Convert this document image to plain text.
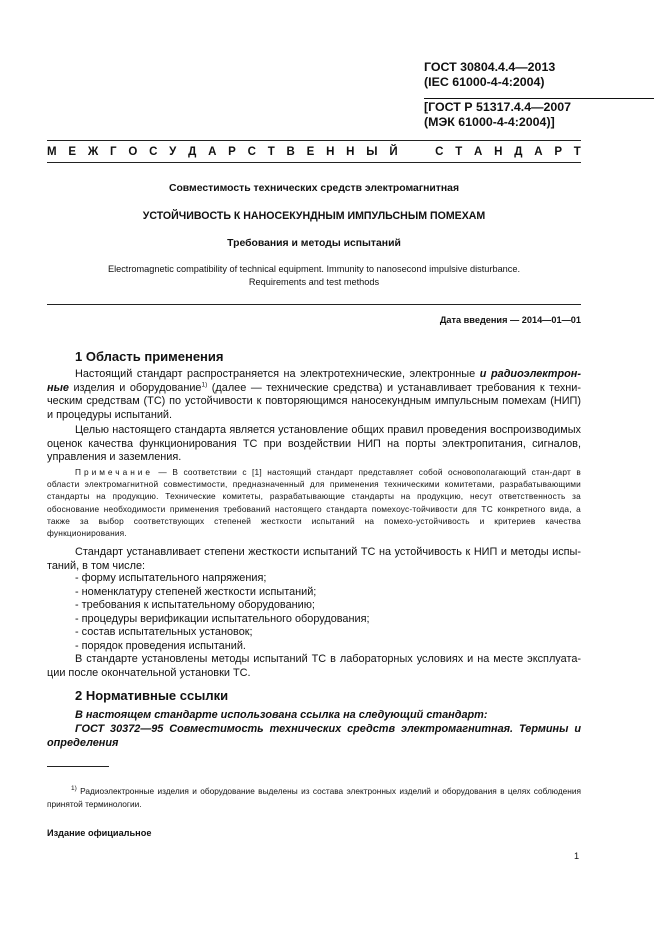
ГОСТ 30804.4.4—2013
(IEC 61000-4-4:2004)
[ГОСТ Р 51317.4.4—2007
(МЭК 61000-4-4:2004)]
М Е Ж Г О С У Д А Р С Т В Е Н Н Ы Й	С Т А Н Д А Р Т
Совместимость технических средств электромагнитная
УСТОЙЧИВОСТЬ К НАНОСЕКУНДНЫМ ИМПУЛЬСНЫМ ПОМЕХАМ
Требования и методы испытаний
Electromagnetic compatibility of technical equipment. Immunity to nanosecond impulsive disturbance.
Requirements and test methods
Дата введения — 2014—01—01
1 Область применения
Настоящий стандарт распространяется на электротехнические, электронные и радиоэлектрон-ные изделия и оборудование$^{1)}$ (далее — технические средства) и устанавливает требования к техни-ческим средствам (ТС) по устойчивости к повторяющимся наносекундным импульсным помехам (НИП) и процедуры испытаний.
Целью настоящего стандарта является установление общих правил проведения воспроизводимых оценок качества функционирования ТС при воздействии НИП на порты электропитания, сигналов, управления и заземления.
Примечание — В соответствии с [1] настоящий стандарт представляет собой основополагающий стан-дарт в области электромагнитной совместимости, предназначенный для применения техническими комитетами, разрабатывающими стандарты на продукцию. Технические комитеты, разрабатывающие стандарты на продукцию, несут ответственность за обоснование необходимости применения требований настоящего стандарта помехоус-тойчивости для ТС конкретного вида, а также за выбор соответствующих степеней жесткости испытаний на помехо-устойчивость и критериев качества функционирования.
Стандарт устанавливает степени жесткости испытаний ТС на устойчивость к НИП и методы испы-таний, в том числе:
- форму испытательного напряжения;
- номенклатуру степеней жесткости испытаний;
- требования к испытательному оборудованию;
- процедуры верификации испытательного оборудования;
- состав испытательных установок;
- порядок проведения испытаний.
В стандарте установлены методы испытаний ТС в лабораторных условиях и на месте эксплуата-ции после окончательной установки ТС.
2 Нормативные ссылки
В настоящем стандарте использована ссылка на следующий стандарт:
ГОСТ 30372—95 Совместимость технических средств электромагнитная. Термины и определения
$^{1)}$ Радиоэлектронные изделия и оборудование выделены из состава электронных изделий и оборудования в целях соблюдения принятой терминологии.
Издание официальное
1
